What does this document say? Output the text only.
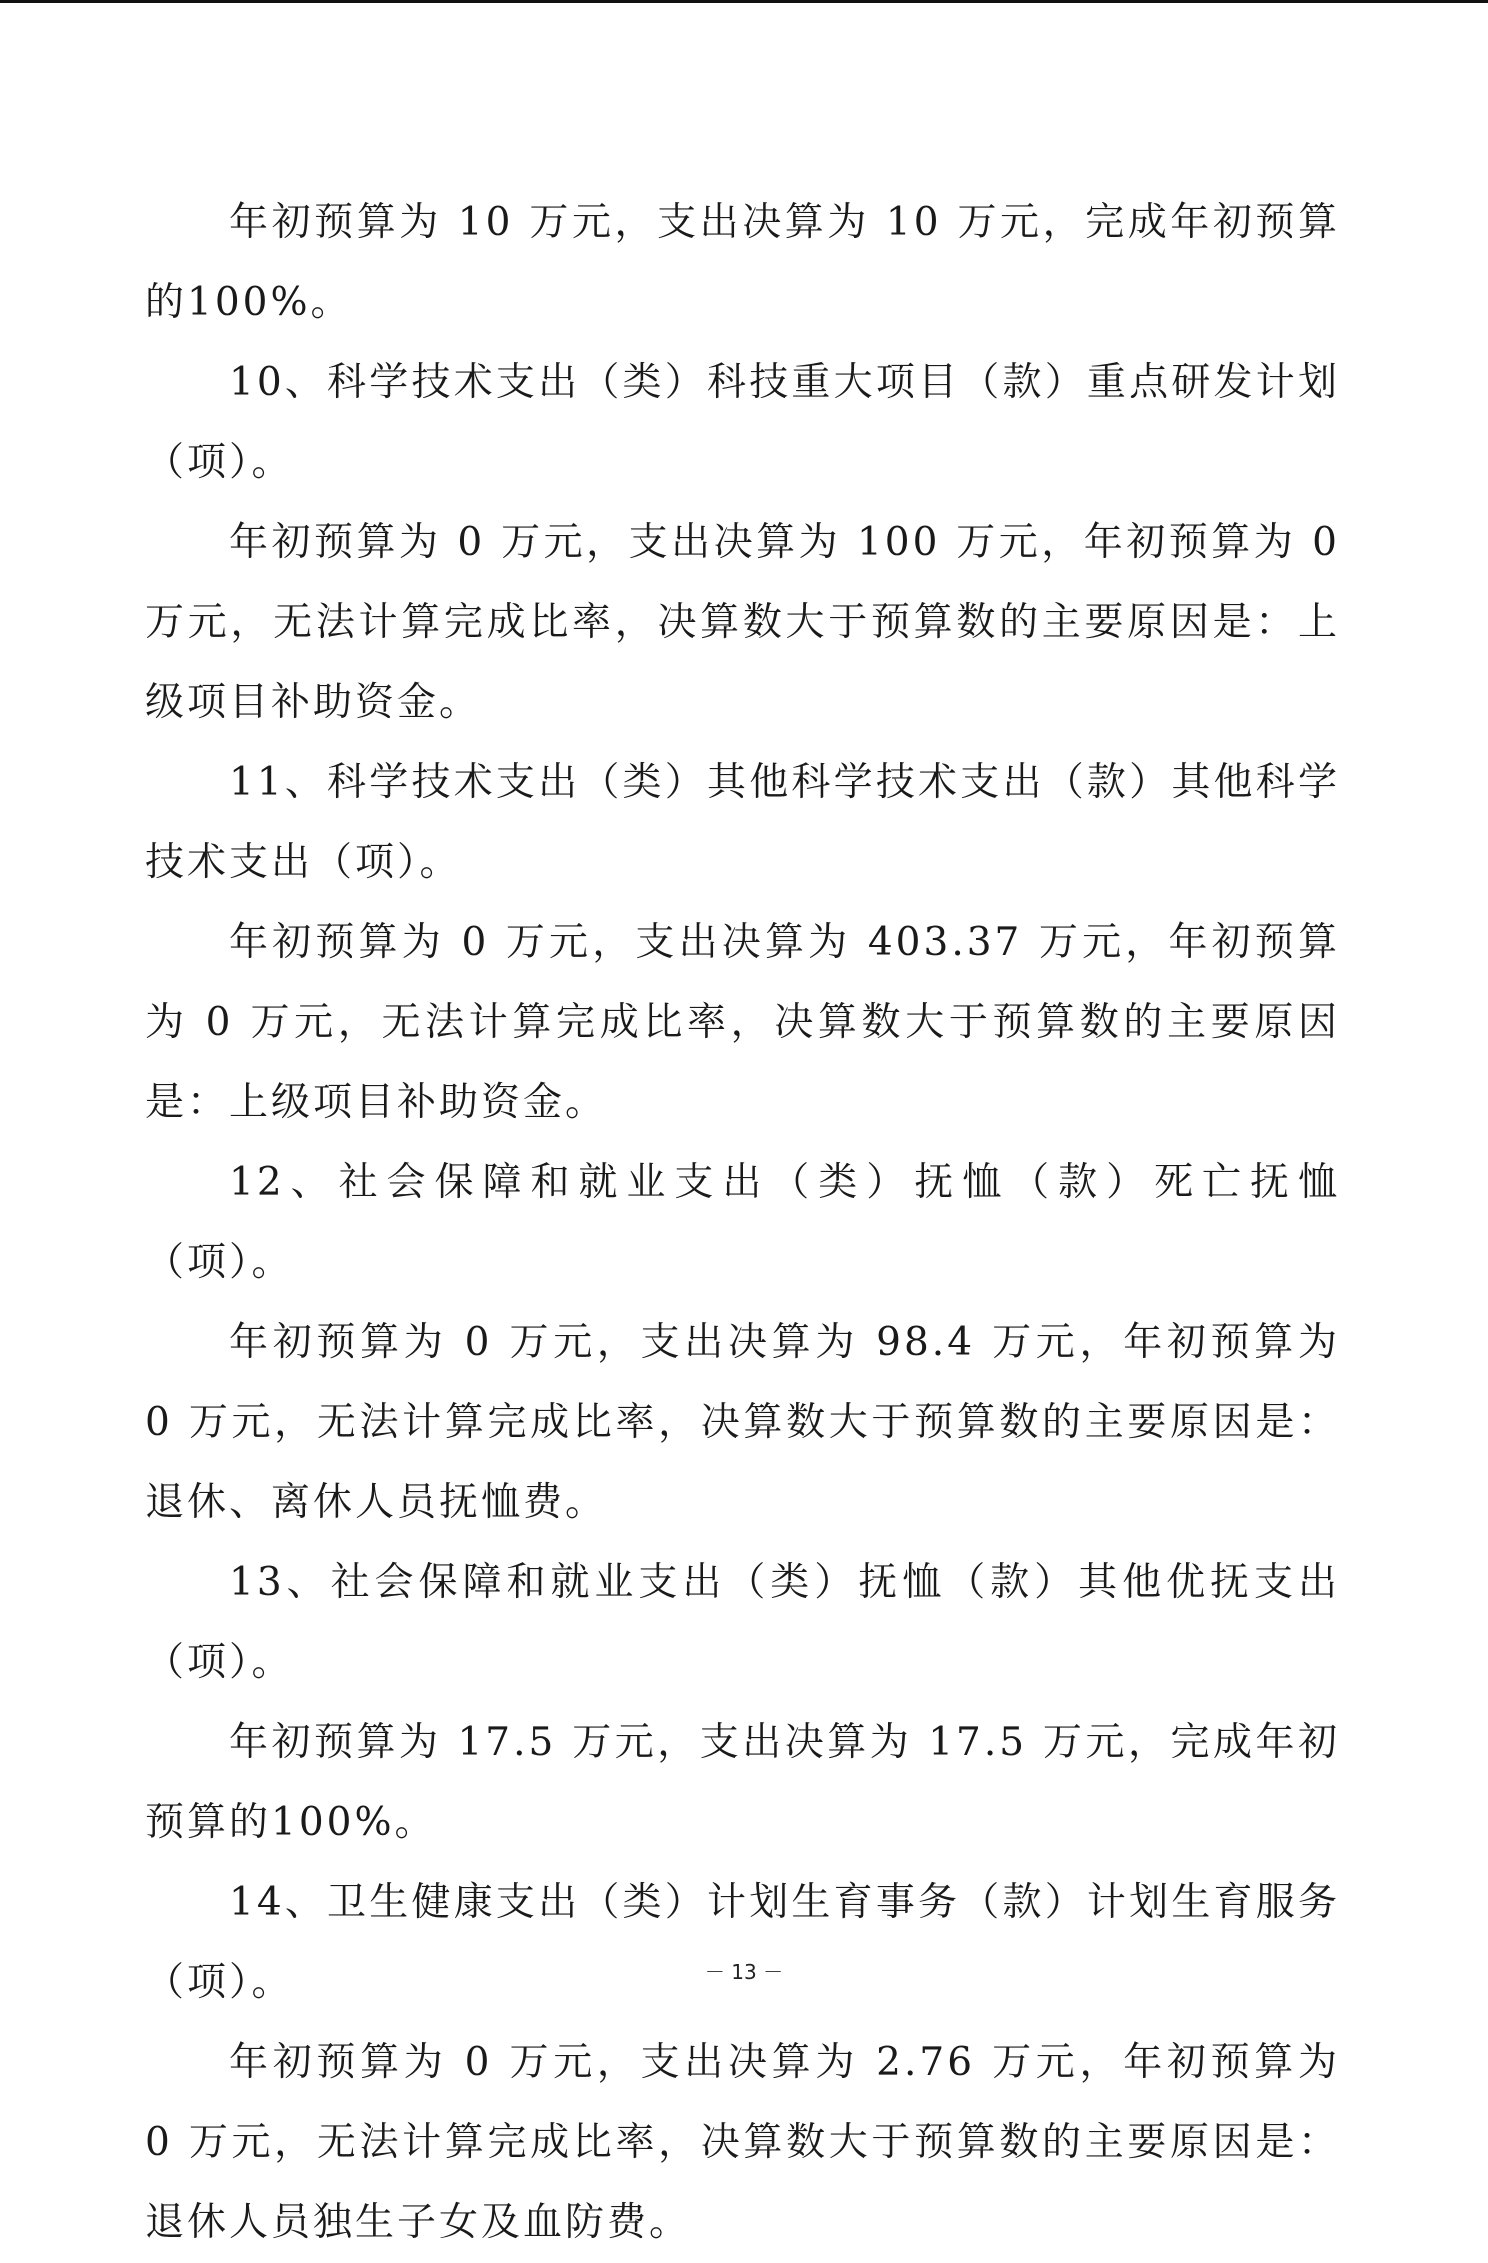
年初预算为 10 万元，支出决算为 10 万元，完成年初预算的100%。

10、科学技术支出（类）科技重大项目（款）重点研发计划（项）。

年初预算为 0 万元，支出决算为 100 万元，年初预算为 0 万元，无法计算完成比率，决算数大于预算数的主要原因是：上级项目补助资金。

11、科学技术支出（类）其他科学技术支出（款）其他科学技术支出（项）。

年初预算为 0 万元，支出决算为 403.37 万元，年初预算为 0 万元，无法计算完成比率，决算数大于预算数的主要原因是：上级项目补助资金。

12、社会保障和就业支出（类）抚恤（款）死亡抚恤（项）。

年初预算为 0 万元，支出决算为 98.4 万元，年初预算为 0 万元，无法计算完成比率，决算数大于预算数的主要原因是：退休、离休人员抚恤费。

13、社会保障和就业支出（类）抚恤（款）其他优抚支出（项）。

年初预算为 17.5 万元，支出决算为 17.5 万元，完成年初预算的100%。

14、卫生健康支出（类）计划生育事务（款）计划生育服务（项）。

年初预算为 0 万元，支出决算为 2.76 万元，年初预算为 0 万元，无法计算完成比率，决算数大于预算数的主要原因是：退休人员独生子女及血防费。

－ 13 －
